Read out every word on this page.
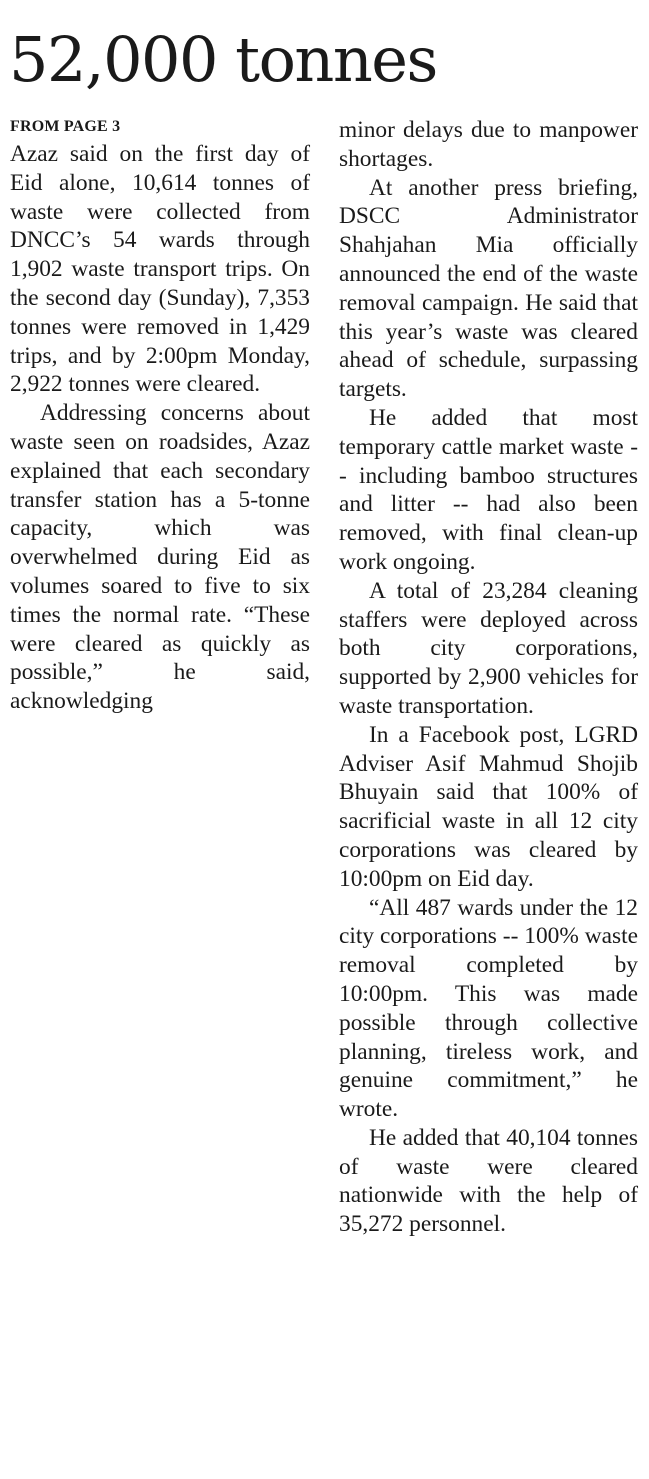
52,000 tonnes
FROM PAGE 3

Azaz said on the first day of Eid alone, 10,614 tonnes of waste were collected from DNCC’s 54 wards through 1,902 waste transport trips. On the second day (Sunday), 7,353 tonnes were removed in 1,429 trips, and by 2:00pm Monday, 2,922 tonnes were cleared.

Addressing concerns about waste seen on roadsides, Azaz explained that each secondary transfer station has a 5-tonne capacity, which was overwhelmed during Eid as volumes soared to five to six times the normal rate. “These were cleared as quickly as possible,” he said, acknowledging

minor delays due to manpower shortages.

At another press briefing, DSCC Administrator Shahjahan Mia officially announced the end of the waste removal campaign. He said that this year’s waste was cleared ahead of schedule, surpassing targets.

He added that most temporary cattle market waste -- including bamboo structures and litter -- had also been removed, with final clean-up work ongoing.

A total of 23,284 cleaning staffers were deployed across both city corporations, supported by 2,900 vehicles for waste transportation.

In a Facebook post, LGRD Adviser Asif Mahmud Shojib Bhuyain said that 100% of sacrificial waste in all 12 city corporations was cleared by 10:00pm on Eid day.

“All 487 wards under the 12 city corporations -- 100% waste removal completed by 10:00pm. This was made possible through collective planning, tireless work, and genuine commitment,” he wrote.

He added that 40,104 tonnes of waste were cleared nationwide with the help of 35,272 personnel.
